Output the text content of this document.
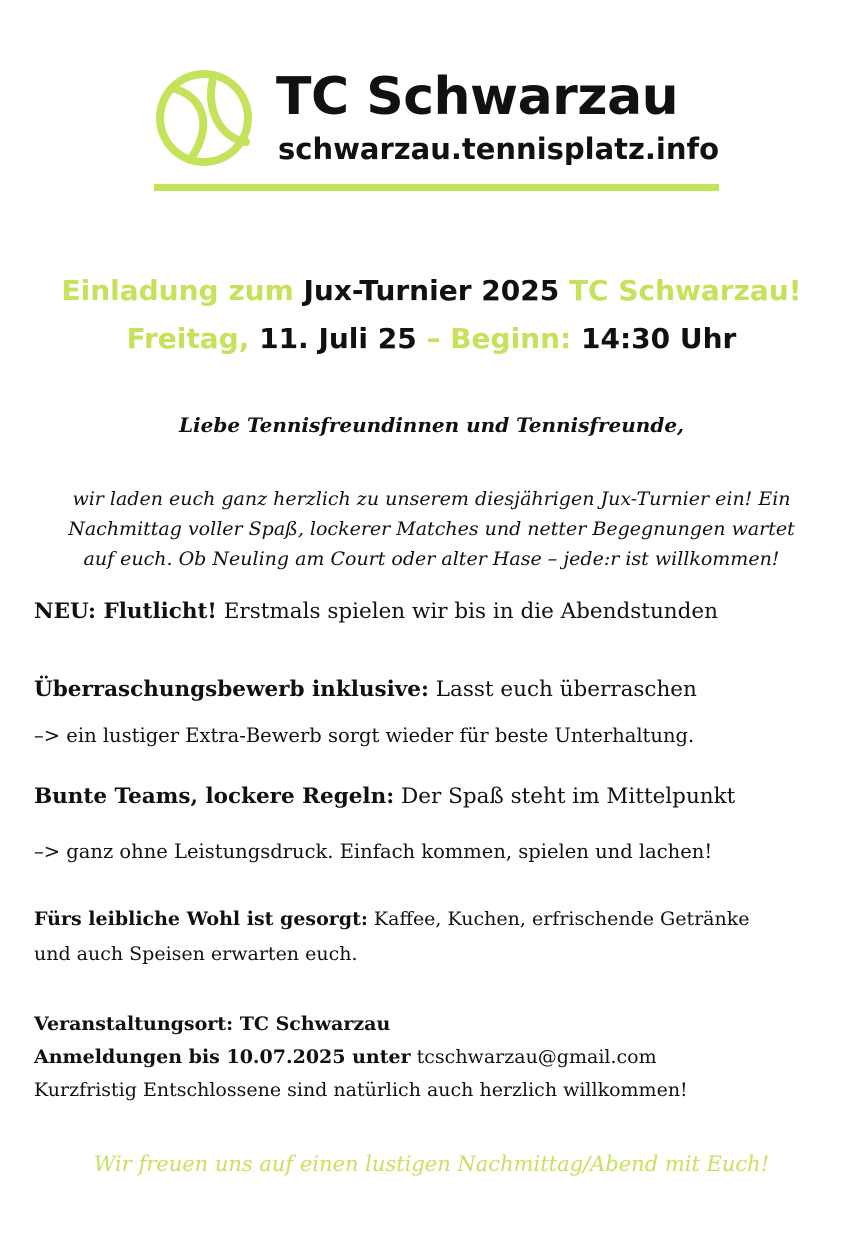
TC Schwarzau
schwarzau.tennisplatz.info
Einladung zum Jux-Turnier 2025 TC Schwarzau!
Freitag, 11. Juli 25 – Beginn: 14:30 Uhr
Liebe Tennisfreundinnen und Tennisfreunde,
wir laden euch ganz herzlich zu unserem diesjährigen Jux-Turnier ein! Ein
Nachmittag voller Spaß, lockerer Matches und netter Begegnungen wartet
auf euch. Ob Neuling am Court oder alter Hase – jede:r ist willkommen!
NEU: Flutlicht! Erstmals spielen wir bis in die Abendstunden
Überraschungsbewerb inklusive: Lasst euch überraschen
–> ein lustiger Extra-Bewerb sorgt wieder für beste Unterhaltung.
Bunte Teams, lockere Regeln: Der Spaß steht im Mittelpunkt
–> ganz ohne Leistungsdruck. Einfach kommen, spielen und lachen!
Fürs leibliche Wohl ist gesorgt: Kaffee, Kuchen, erfrischende Getränke
und auch Speisen erwarten euch.
Veranstaltungsort: TC Schwarzau
Anmeldungen bis 10.07.2025 unter tcschwarzau@gmail.com
Kurzfristig Entschlossene sind natürlich auch herzlich willkommen!
Wir freuen uns auf einen lustigen Nachmittag/Abend mit Euch!
